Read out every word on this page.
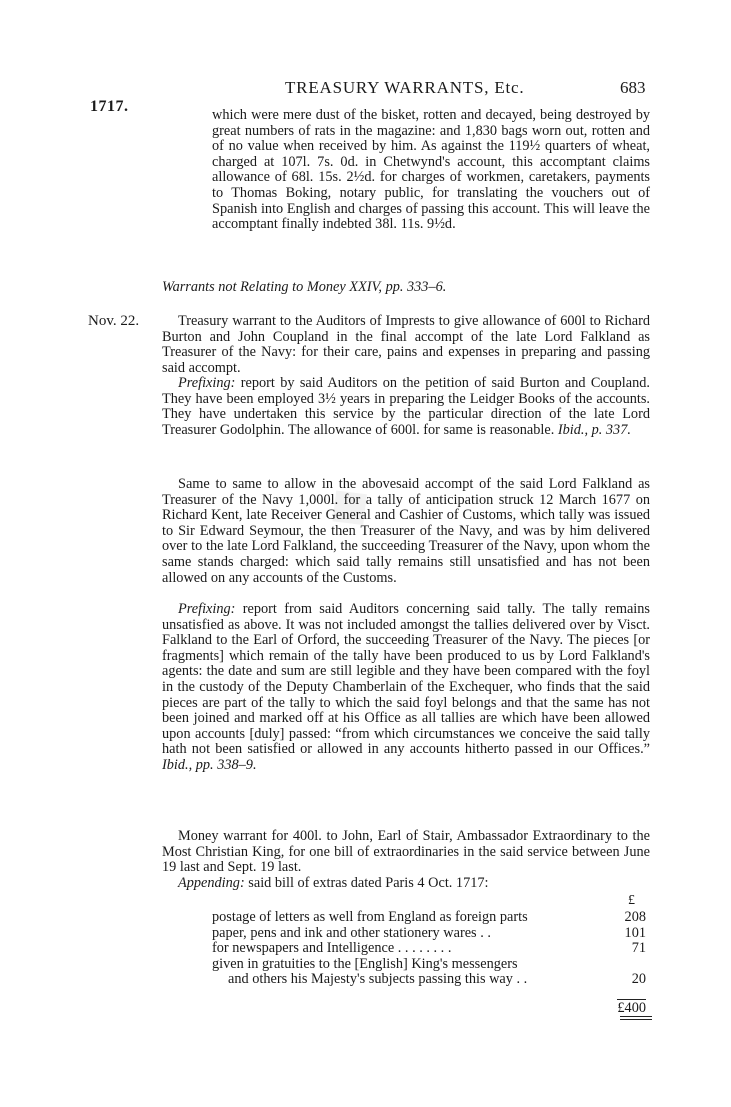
◆
1717.
TREASURY WARRANTS, Etc.	683

which were mere dust of the bisket, rotten and decayed, being destroyed by great numbers of rats in the magazine: and 1,830 bags worn out, rotten and of no value when received by him. As against the 119½ quarters of wheat, charged at 107l. 7s. 0d. in Chetwynd's account, this accomptant claims allowance of 68l. 15s. 2½d. for charges of workmen, caretakers, payments to Thomas Boking, notary public, for translating the vouchers out of Spanish into English and charges of passing this account. This will leave the accomptant finally indebted 38l. 11s. 9½d.

Warrants not Relating to Money XXIV, pp. 333–6.

Nov. 22.	Treasury warrant to the Auditors of Imprests to give allowance of 600l to Richard Burton and John Coupland in the final accompt of the late Lord Falkland as Treasurer of the Navy: for their care, pains and expenses in preparing and passing said accompt.

Prefixing: report by said Auditors on the petition of said Burton and Coupland. They have been employed 3½ years in preparing the Leidger Books of the accounts. They have undertaken this service by the particular direction of the late Lord Treasurer Godolphin. The allowance of 600l. for same is reasonable. Ibid., p. 337.

Same to same to allow in the abovesaid accompt of the said Lord Falkland as Treasurer of the Navy 1,000l. for a tally of anticipation struck 12 March 1677 on Richard Kent, late Receiver General and Cashier of Customs, which tally was issued to Sir Edward Seymour, the then Treasurer of the Navy, and was by him delivered over to the late Lord Falkland, the succeeding Treasurer of the Navy, upon whom the same stands charged: which said tally remains still unsatisfied and has not been allowed on any accounts of the Customs.

Prefixing: report from said Auditors concerning said tally. The tally remains unsatisfied as above. It was not included amongst the tallies delivered over by Visct. Falkland to the Earl of Orford, the succeeding Treasurer of the Navy. The pieces [or fragments] which remain of the tally have been produced to us by Lord Falkland's agents: the date and sum are still legible and they have been compared with the foyl in the custody of the Deputy Chamberlain of the Exchequer, who finds that the said pieces are part of the tally to which the said foyl belongs and that the same has not been joined and marked off at his Office as all tallies are which have been allowed upon accounts [duly] passed: “from which circumstances we conceive the said tally hath not been satisfied or allowed in any accounts hitherto passed in our Offices.” Ibid., pp. 338–9.

Money warrant for 400l. to John, Earl of Stair, Ambassador Extraordinary to the Most Christian King, for one bill of extraordinaries in the said service between June 19 last and Sept. 19 last.

Appending: said bill of extras dated Paris 4 Oct. 1717:

£
postage of letters as well from England as foreign parts	208
paper, pens and ink and other stationery wares . .	101
for newspapers and Intelligence . . . . . . . .	71
given in gratuities to the [English] King's messengers
and others his Majesty's subjects passing this way . .	20
£400
